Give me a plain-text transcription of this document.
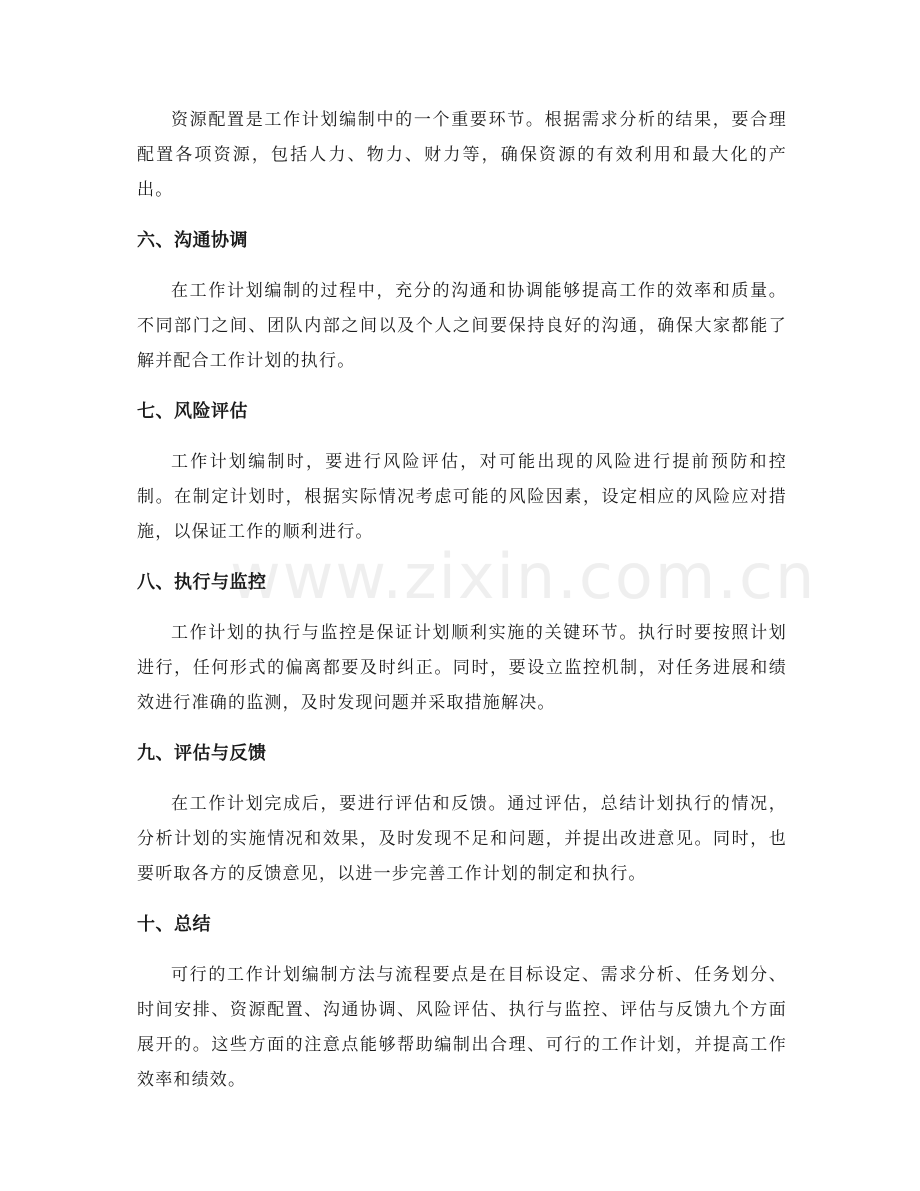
www.zixin.com.cn

资源配置是工作计划编制中的一个重要环节。根据需求分析的结果，要合理配置各项资源，包括人力、物力、财力等，确保资源的有效利用和最大化的产出。

六、沟通协调

在工作计划编制的过程中，充分的沟通和协调能够提高工作的效率和质量。不同部门之间、团队内部之间以及个人之间要保持良好的沟通，确保大家都能了解并配合工作计划的执行。

七、风险评估

工作计划编制时，要进行风险评估，对可能出现的风险进行提前预防和控制。在制定计划时，根据实际情况考虑可能的风险因素，设定相应的风险应对措施，以保证工作的顺利进行。

八、执行与监控

工作计划的执行与监控是保证计划顺利实施的关键环节。执行时要按照计划进行，任何形式的偏离都要及时纠正。同时，要设立监控机制，对任务进展和绩效进行准确的监测，及时发现问题并采取措施解决。

九、评估与反馈

在工作计划完成后，要进行评估和反馈。通过评估，总结计划执行的情况，分析计划的实施情况和效果，及时发现不足和问题，并提出改进意见。同时，也要听取各方的反馈意见，以进一步完善工作计划的制定和执行。

十、总结

可行的工作计划编制方法与流程要点是在目标设定、需求分析、任务划分、时间安排、资源配置、沟通协调、风险评估、执行与监控、评估与反馈九个方面展开的。这些方面的注意点能够帮助编制出合理、可行的工作计划，并提高工作效率和绩效。
